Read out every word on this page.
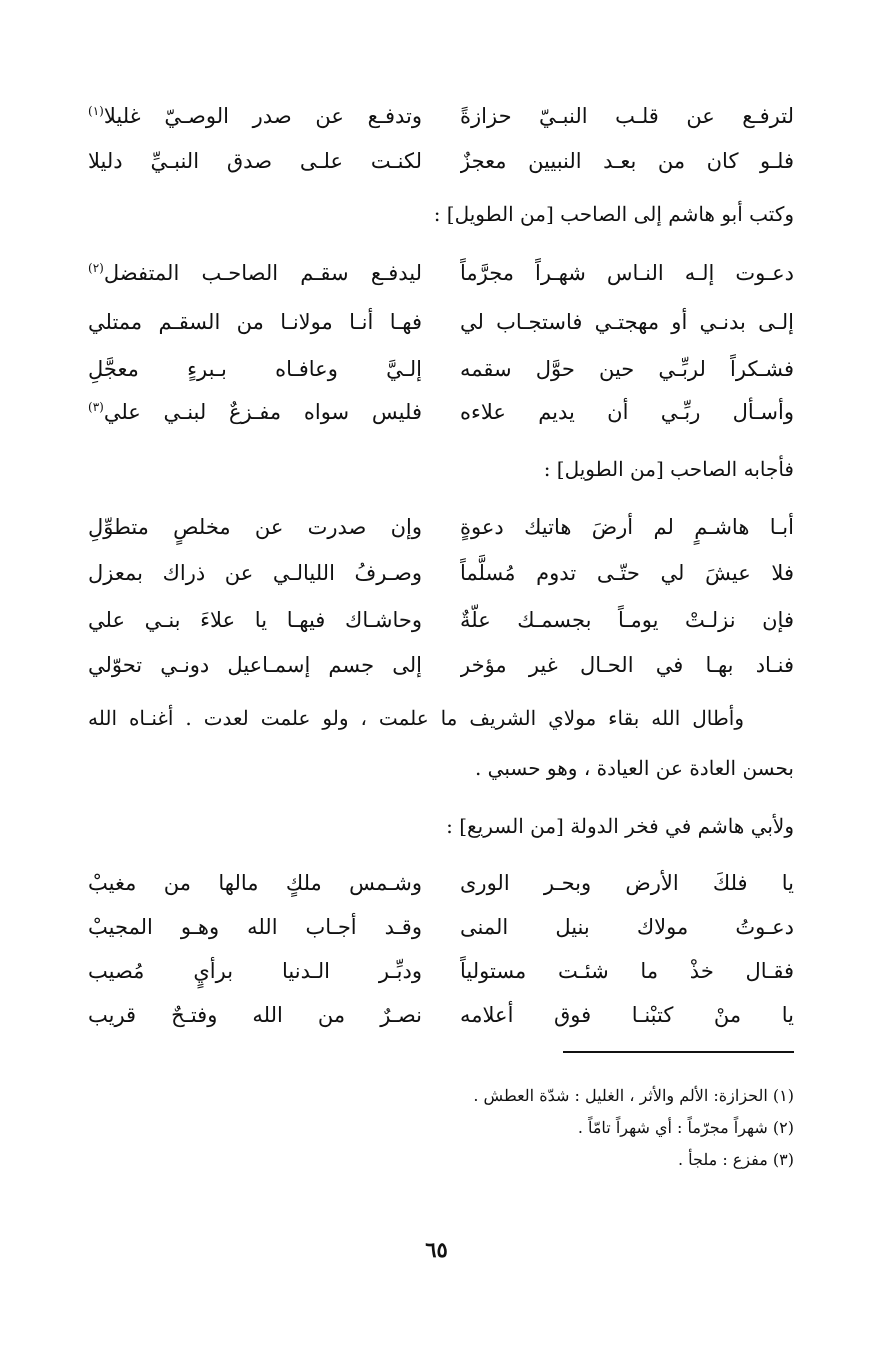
لترفـع عن قلـب النبـيّ حزازةً
وتدفـع عن صدر الوصـيّ غليلا$^{(١)}$
فلـو كان من بعـد النبيين معجزٌ
لكنـت علـى صدق النبـيِّ دليلا
وكتب أبو هاشم إلى الصاحب [من الطويل] :
دعـوت إلـه النـاس شهـراً مجرَّماً
ليدفـع سقـم الصاحـب المتفضل$^{(٢)}$
إلـى بدنـي أو مهجتـي فاستجـاب لي
فهـا أنـا مولانـا من السقـم ممتلي
فشـكراً لربِّـي حين حوَّل سقمه
إلـيَّ وعافـاه بـبرءٍ معجَّلِ
وأسـأل ربِّـي أن يديم علاءه
فليس سواه مفـزعٌ لبنـي علي$^{(٣)}$
فأجابه الصاحب [من الطويل] :
أبـا هاشـمٍ لم أرضَ هاتيك دعوةٍ
وإن صدرت عن مخلصٍ متطوِّلِ
فلا عيشَ لي حتّـى تدوم مُسلَّماً
وصـرفُ الليالـي عن ذراك بمعزل
فإن نزلـتْ يومـاً بجسمـك علّةٌ
وحاشـاك فيهـا يا علاءَ بنـي علي
فنـاد بهـا في الحـال غير مؤخر
إلى جسم إسمـاعيل دونـي تحوّلي
وأطال الله بقاء مولاي الشريف ما علمت ، ولو علمت لعدت . أغنـاه الله
بحسن العادة عن العيادة ، وهو حسبي .
ولأبي هاشم في فخر الدولة [من السريع] :
يا فلكَ الأرض وبحـر الورى
وشـمس ملكٍ مالها من مغيبْ
دعـوتُ مولاك بنيل المنى
وقـد أجـاب الله وهـو المجيبْ
فقـال خذْ ما شئـت مستولياً
ودبِّـر الـدنيا برأيٍ مُصيب
يا منْ كتبْنـا فوق أعلامه
نصـرٌ من الله وفتـحٌ قريب
(١) الحزازة: الألم والأثر ، الغليل : شدّة العطش .
(٢) شهراً مجرّماً : أي شهراً تامّاً .
(٣) مفزع : ملجأ .
٦٥
